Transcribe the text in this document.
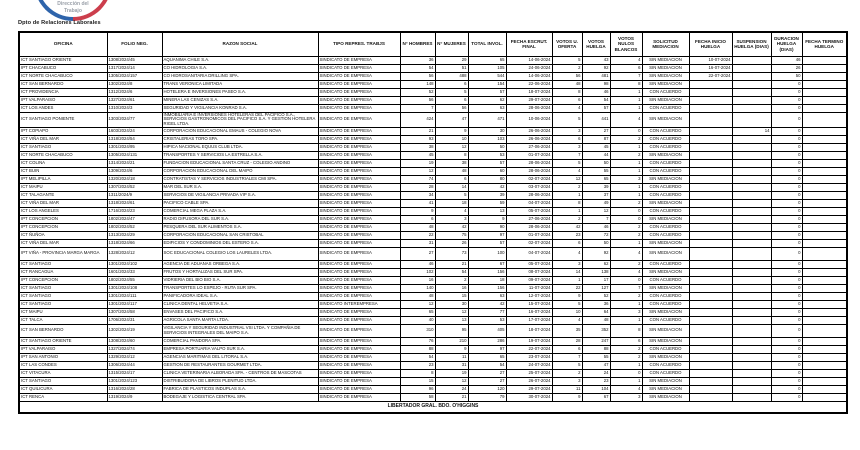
Dirección del
Trabajo
Dpto de Relaciones Laborales
OFICINA	FOLIO NEG.	RAZON SOCIAL	TIPO REPRES. TRABJS	N° HOMBRES	N° MUJERES	TOTAL INVOL.	FECHA ESCRUT. FINAL	VOTOS U. OFERTA	VOTOS HUELGA	VOTOS NULOS BLANCOS	SOLICITUD MEDIACION	FECHA INICIO HUELGA	SUSPENSION HUELGA (DIAS)	DURACION HUELGA (DIAS)	FECHA TERMINO HUELGA
ICT SANTIAGO ORIENTE	1308/2024/45	AQUANIMA CHILE S.A.	SINDICATO DE EMPRESA	36	29	65	14-06-2024	5	43	4	SIN MEDIACION	10-07-2024		46	
IPT CHACABUCO	1317/2024/14	CO HIDROLOGIA S.A.	SINDICATO DE EMPRESA	54	51	105	24-06-2024	2	92	6	SIN MEDIACION	16-07-2024		26	
ICT NORTE CHACABUCO	1305/2024/157	CO HIDROSANITARIA DRILLING SPA.	SINDICATO DE EMPRESA	56	488	544	14-06-2024	56	481	7	SIN MEDIACION	22-07-2024		50	
ICT SAN BERNARDO	1302/2024/8	TRANS VERONICA LIMITADA	SINDICATO DE EMPRESA	148	6	154	22-06-2024	48	98	8	SIN MEDIACION			0	
ICT PROVIDENCIA	1312/2024/6	HOTELERA E INVERSIONES PASEO S.A.	SINDICATO DE EMPRESA	52	5	57	18-07-2024	8	46	1	CON ACUERDO			0	
IPT VALPARAISO	1327/2024/61	MINERA LAS CENIZAS S.A.	SINDICATO DE EMPRESA	56	6	62	29-07-2024	6	54	1	SIN MEDIACION			0	
ICT LOS ANDES	1310/2024/3	SEGURIDAD Y VIGILANCIA KONRAD S.A.	SINDICATO DE EMPRESA	7	56	63	28-06-2024	4	57	1	CON ACUERDO			0	
ICT SANTIAGO PONIENTE	1303/2024/77	INMOBILIARIA E INVERSIONES HOTELERAS DEL PACIFICO S.A., SERVICIOS GASTRONOMICOS DEL PACIFICO S.A. Y GESTION HOTELERA RIGEL LTDA.	SINDICATO DE EMPRESA	424	47	471	10-06-2024	5	441	4	SIN MEDIACION			0	
IPT COPIAPO	1603/2024/24	CORPORACION EDUCACIONAL EMAUS - COLEGIO NOVA	SINDICATO DE EMPRESA	21	9	30	26-06-2024	3	27	0	CON ACUERDO		14	0	
ICT VIÑA DEL MAR	1318/2024/54	CRISTALERIAS TORO SPA.	SINDICATO DE EMPRESA	93	10	103	26-06-2024	6	87	2	CON ACUERDO			0	
ICT SANTIAGO	1301/2024/95	HIPICA NACIONAL EQUUS CLUB LTDA.	SINDICATO DE EMPRESA	38	12	50	27-06-2024	3	45	1	CON ACUERDO			0	
ICT NORTE CHACABUCO	1305/2024/131	TRANSPORTES Y SERVICIOS LA ESTRELLA S.A.	SINDICATO DE EMPRESA	45	8	53	01-07-2024	7	44	2	SIN MEDIACION			0	
ICT COLINA	1314/2024/21	FUNDACION EDUCACIONAL SANTA CRUZ - COLEGIO ANDINO	SINDICATO DE EMPRESA	19	38	57	28-06-2024	5	50	1	CON ACUERDO			0	
ICT BUIN	1309/2024/6	CORPORACION EDUCACIONAL DEL MAIPO	SINDICATO DE EMPRESA	12	48	60	28-06-2024	4	55	1	CON ACUERDO			0	
IPT MELIPILLA	1320/2024/18	CONTRATISTAS Y SERVICIOS INDUSTRIALES CMI SPA.	SINDICATO DE EMPRESA	74	6	80	02-07-2024	12	65	3	SIN MEDIACION			0	
ICT MAIPU	1307/2024/52	MAR DEL SUR S.A.	SINDICATO DE EMPRESA	28	14	42	03-07-2024	2	39	1	CON ACUERDO			0	
ICT TALAGANTE	1311/2024/9	SERVICIOS DE VIGILANCIA PRIVADA VIP S.A.	SINDICATO DE EMPRESA	34	5	39	28-06-2024	1	37	1	CON ACUERDO			0	
ICT VIÑA DEL MAR	1318/2024/61	PACIFICO CABLE SPA.	SINDICATO DE EMPRESA	41	18	59	04-07-2024	8	49	2	SIN MEDIACION			0	
ICT LOS ANGELES	1716/2024/23	COMERCIAL MEGA PLAZA S.A.	SINDICATO DE EMPRESA	9	4	13	05-07-2024	1	12	0	CON ACUERDO			0	
IPT CONCEPCION	1802/2024/47	RADIO DIFUSORA DEL SUR S.A.	SINDICATO DE EMPRESA	6	3	9	27-06-2024	2	7	0	SIN MEDIACION			0	
IPT CONCEPCION	1802/2024/52	PESQUERA DEL SUR ALIMENTOS S.A.	SINDICATO DE EMPRESA	48	42	90	28-06-2024	42	46	2	CON ACUERDO			0	
ICT ÑUÑOA	1313/2024/29	CORPORACION EDUCACIONAL SAN CRISTOBAL	SINDICATO DE EMPRESA	22	75	97	01-07-2024	23	72	2	CON ACUERDO			0	
ICT VIÑA DEL MAR	1318/2024/66	EDIFICIOS Y CONDOMINIOS DEL ESTERO S.A.	SINDICATO DE EMPRESA	31	26	57	02-07-2024	6	50	1	SIN MEDIACION			0	
IPT VIÑA - PROVINCIA MARGA MARGA	1328/2024/12	SOC EDUCACIONAL COLEGIO LOS LAURELES LTDA.	SINDICATO DE EMPRESA	27	73	100	04-07-2024	4	92	4	SIN MEDIACION			0	
ICT SANTIAGO	1301/2024/102	AGENCIA DE ADUANAS ORBEGA S.A.	SINDICATO DE EMPRESA	46	21	67	05-07-2024	3	62	2	CON ACUERDO			0	
ICT RANCAGUA	1601/2024/33	FRUTOS Y HORTALIZAS DEL SUR SPA.	SINDICATO DE EMPRESA	102	54	156	08-07-2024	14	138	4	SIN MEDIACION			0	
IPT CONCEPCION	1802/2024/55	VIDRIERIA DEL BIO BIO S.A.	SINDICATO DE EMPRESA	16	2	18	09-07-2024	1	17	0	CON ACUERDO			0	
ICT SANTIAGO	1301/2024/108	TRANSPORTES LO ESPEJO - RUTA SUR SPA.	SINDICATO DE EMPRESA	140	16	156	11-07-2024	22	127	7	SIN MEDIACION			0	
ICT SANTIAGO	1301/2024/111	PANIFICADORA IDEAL S.A.	SINDICATO DE EMPRESA	48	15	63	12-07-2024	9	52	2	CON ACUERDO			0	
ICT SANTIAGO	1301/2024/117	CLINICA DENTAL HELVETIA S.A.	SINDICATO INTEREMPRESA	12	30	42	15-07-2024	5	36	1	CON ACUERDO			0	
ICT MAIPU	1307/2024/58	ENVASES DEL PACIFICO S.A.	SINDICATO DE EMPRESA	65	12	77	16-07-2024	10	64	3	SIN MEDIACION			0	
ICT TALCA	1706/2024/31	AGRICOLA SANTA MARTA LTDA.	SINDICATO DE EMPRESA	40	13	53	17-07-2024	4	48	1	CON ACUERDO			0	
ICT SAN BERNARDO	1302/2024/19	VIGILANCIA Y SEGURIDAD INDUSTRIAL VSI LTDA. Y COMPAÑIA DE SERVICIOS INTEGRALES DEL MAIPO S.A.	SINDICATO DE EMPRESA	310	95	405	18-07-2024	35	352	8	SIN MEDIACION			0	
ICT SANTIAGO ORIENTE	1308/2024/60	COMERCIAL PANDORA SPA.	SINDICATO DE EMPRESA	76	210	286	19-07-2024	28	247	6	SIN MEDIACION			0	
IPT VALPARAISO	1327/2024/74	EMPRESA PORTUARIA VALPO SUR S.A.	SINDICATO DE EMPRESA	88	9	97	22-07-2024	6	88	2	CON ACUERDO			0	
IPT SAN ANTONIO	1329/2024/12	AGENCIAS MARITIMAS DEL LITORAL S.A.	SINDICATO DE EMPRESA	54	11	65	23-07-2024	7	55	2	SIN MEDIACION			0	
ICT LAS CONDES	1306/2024/44	GESTION DE RESTAURANTES GOURMET LTDA.	SINDICATO DE EMPRESA	23	31	54	24-07-2024	5	47	1	CON ACUERDO			0	
ICT VITACURA	1315/2024/17	CLINICA VETERINARIA ALBORADA SPA. - CENTROS DE MASCOTAS	SINDICATO DE EMPRESA	8	19	27	25-07-2024	2	24	0	CON ACUERDO			0	
ICT SANTIAGO	1301/2024/123	DISTRIBUIDORA DE LIBROS PLENITUD LTDA.	SINDICATO DE EMPRESA	15	12	27	26-07-2024	3	23	1	SIN MEDIACION			0	
ICT QUILICURA	1316/2024/28	FABRICA DE PLASTICOS INDUPLAS S.A.	SINDICATO DE EMPRESA	96	24	120	29-07-2024	11	104	4	SIN MEDIACION			0	
ICT RENCA	1319/2024/9	BODEGAJE Y LOGISTICA CENTRAL SPA.	SINDICATO DE EMPRESA	58	21	79	30-07-2024	9	67	3	SIN MEDIACION			0	
LIBERTADOR GRAL. BDO. O'HIGGINS															
